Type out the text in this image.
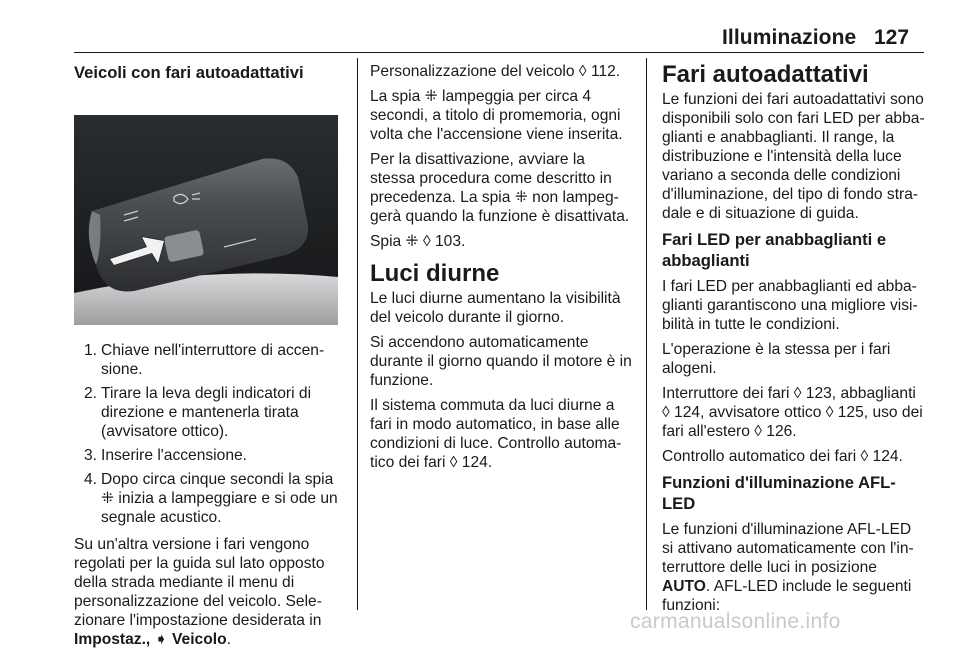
Illuminazione 127
Veicoli con fari autoadattativi
1. Chiave nell'interruttore di accen-sione.
2. Tirare la leva degli indicatori di direzione e mantenerla tirata (avvisatore ottico).
3. Inserire l'accensione.
4. Dopo circa cinque secondi la spia ⁜ inizia a lampeggiare e si ode un segnale acustico.

Su un'altra versione i fari vengono regolati per la guida sul lato opposto della strada mediante il menu di personalizzazione del veicolo. Sele-zionare l'impostazione desiderata in Impostaz., ➧ Veicolo.

Personalizzazione del veicolo ◊ 112.

La spia ⁜ lampeggia per circa 4 secondi, a titolo di promemoria, ogni volta che l'accensione viene inserita.

Per la disattivazione, avviare la stessa procedura come descritto in precedenza. La spia ⁜ non lampeg-gerà quando la funzione è disattivata.

Spia ⁜ ◊ 103.

Luci diurne

Le luci diurne aumentano la visibilità del veicolo durante il giorno.

Si accendono automaticamente durante il giorno quando il motore è in funzione.

Il sistema commuta da luci diurne a fari in modo automatico, in base alle condizioni di luce. Controllo automa-tico dei fari ◊ 124.

Fari autoadattativi

Le funzioni dei fari autoadattativi sono disponibili solo con fari LED per abba-glianti e anabbaglianti. Il range, la distribuzione e l'intensità della luce variano a seconda delle condizioni d'illuminazione, del tipo di fondo stra-dale e di situazione di guida.

Fari LED per anabbaglianti e abbaglianti

I fari LED per anabbaglianti ed abba-glianti garantiscono una migliore visi-bilità in tutte le condizioni.

L'operazione è la stessa per i fari alogeni.

Interruttore dei fari ◊ 123, abbaglianti ◊ 124, avvisatore ottico ◊ 125, uso dei fari all'estero ◊ 126.

Controllo automatico dei fari ◊ 124.

Funzioni d'illuminazione AFL-LED

Le funzioni d'illuminazione AFL-LED si attivano automaticamente con l'in-terruttore delle luci in posizione AUTO. AFL-LED include le seguenti funzioni:

carmanualsonline.info
